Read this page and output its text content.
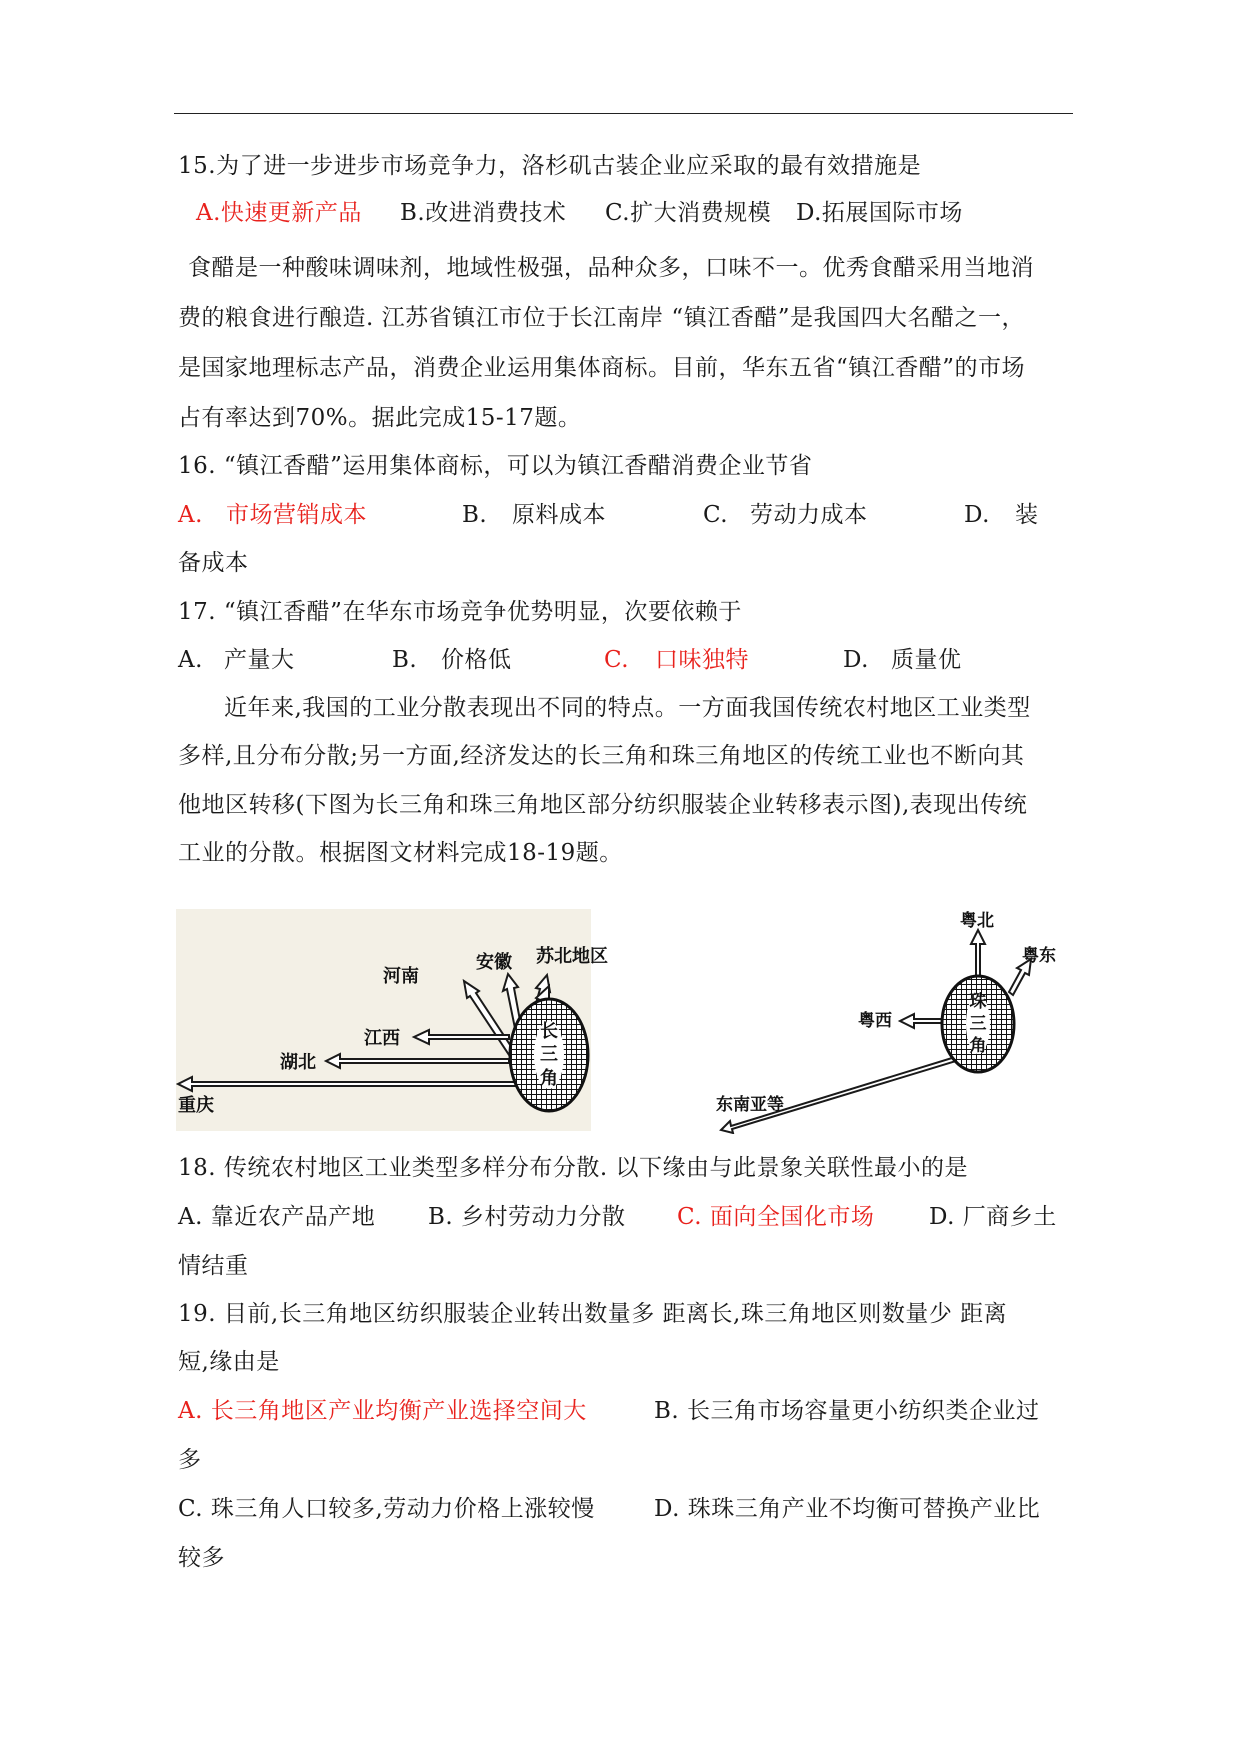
15.为了进一步进步市场竞争力，洛杉矶古装企业应采取的最有效措施是
A.快速更新产品 B.改进消费技术 C.扩大消费规模 D.拓展国际市场
食醋是一种酸味调味剂，地域性极强，品种众多，口味不一。优秀食醋采用当地消
费的粮食进行酿造. 江苏省镇江市位于长江南岸 “镇江香醋”是我国四大名醋之一，
是国家地理标志产品，消费企业运用集体商标。目前，华东五省“镇江香醋”的市场
占有率达到70%。据此完成15-17题。
16. “镇江香醋”运用集体商标，可以为镇江香醋消费企业节省
A. 市场营销成本	B. 原料成本	C. 劳动力成本	D. 装
备成本
17. “镇江香醋”在华东市场竞争优势明显，次要依赖于
A. 产量大	B. 价格低	C. 口味独特	D. 质量优
近年来,我国的工业分散表现出不同的特点。一方面我国传统农村地区工业类型
多样,且分布分散;另一方面,经济发达的长三角和珠三角地区的传统工业也不断向其
他地区转移(下图为长三角和珠三角地区部分纺织服装企业转移表示图),表现出传统
工业的分散。根据图文材料完成18-19题。
长
三
角
河南
安徽 苏北地区
江西
湖北
重庆
珠
三
角
粤北
粤东
粤西
东南亚等
18. 传统农村地区工业类型多样分布分散. 以下缘由与此景象关联性最小的是
A. 靠近农产品产地 B. 乡村劳动力分散 C. 面向全国化市场 D. 厂商乡土
情结重
19. 目前,长三角地区纺织服装企业转出数量多 距离长,珠三角地区则数量少 距离
短,缘由是
A. 长三角地区产业均衡产业选择空间大	B. 长三角市场容量更小纺织类企业过
多
C. 珠三角人口较多,劳动力价格上涨较慢	D. 珠珠三角产业不均衡可替换产业比
较多
